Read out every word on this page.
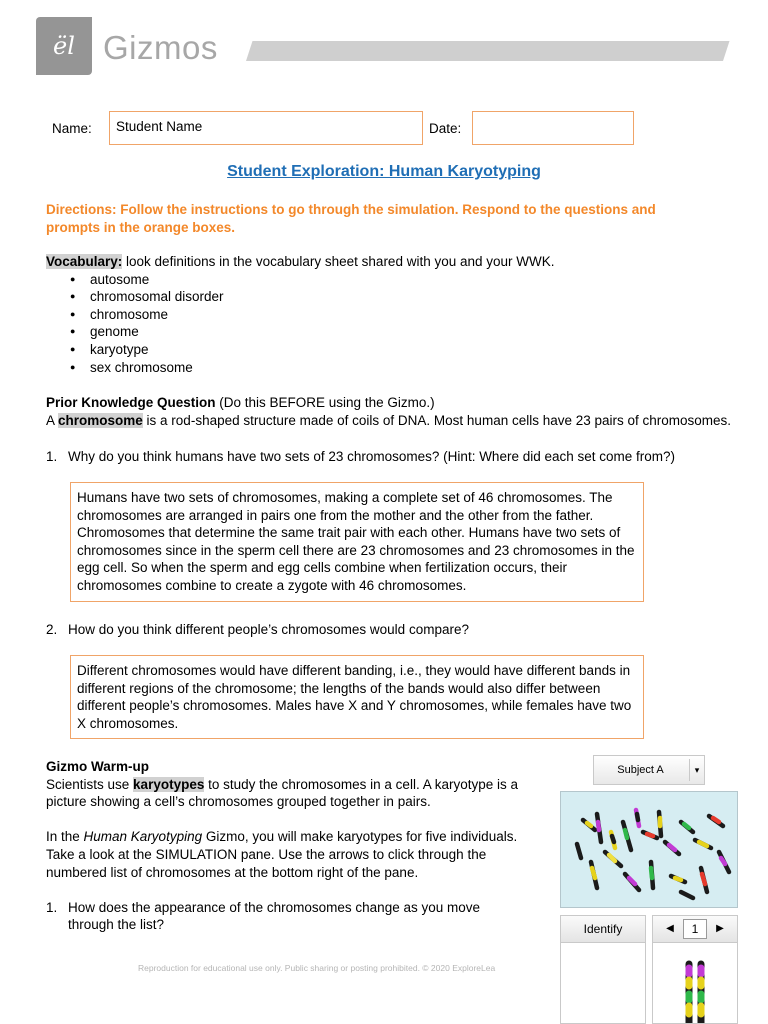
ël Gizmos
Name:	Student Name	Date:
Student Exploration: Human Karyotyping
Directions: Follow the instructions to go through the simulation. Respond to the questions and prompts in the orange boxes.
Vocabulary: look definitions in the vocabulary sheet shared with you and your WWK.
● autosome
● chromosomal disorder
● chromosome
● genome
● karyotype
● sex chromosome
Prior Knowledge Question (Do this BEFORE using the Gizmo.)
A chromosome is a rod-shaped structure made of coils of DNA. Most human cells have 23 pairs of chromosomes.
1. Why do you think humans have two sets of 23 chromosomes? (Hint: Where did each set come from?)
Humans have two sets of chromosomes, making a complete set of 46 chromosomes. The chromosomes are arranged in pairs one from the mother and the other from the father. Chromosomes that determine the same trait pair with each other. Humans have two sets of chromosomes since in the sperm cell there are 23 chromosomes and 23 chromosomes in the egg cell. So when the sperm and egg cells combine when fertilization occurs, their chromosomes combine to create a zygote with 46 chromosomes.
2. How do you think different people’s chromosomes would compare?
Different chromosomes would have different banding, i.e., they would have different bands in different regions of the chromosome; the lengths of the bands would also differ between different people’s chromosomes. Males have X and Y chromosomes, while females have two X chromosomes.
Gizmo Warm-up
Scientists use karyotypes to study the chromosomes in a cell. A karyotype is a picture showing a cell’s chromosomes grouped together in pairs.
In the Human Karyotyping Gizmo, you will make karyotypes for five individuals. Take a look at the SIMULATION pane. Use the arrows to click through the numbered list of chromosomes at the bottom right of the pane.
1. How does the appearance of the chromosomes change as you move through the list?
Subject A	▾
Identify	◀	1	▶
Reproduction for educational use only. Public sharing or posting prohibited. © 2020 ExploreLea
